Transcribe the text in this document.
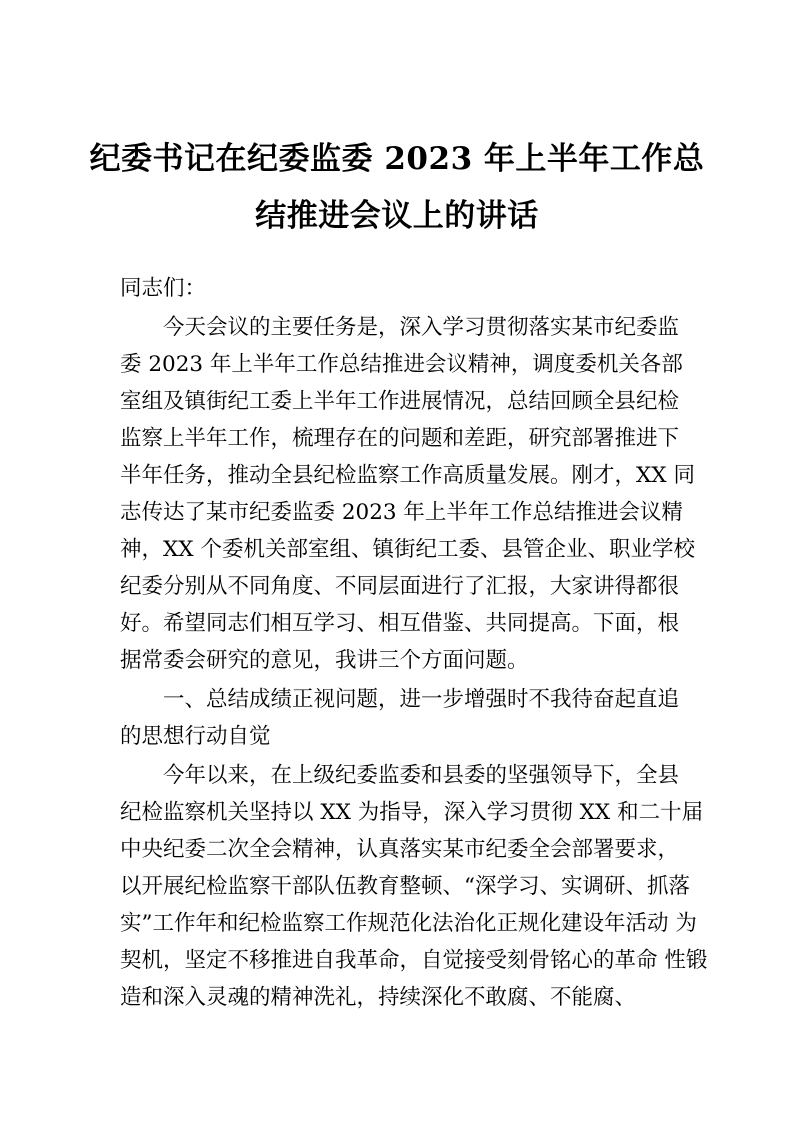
纪委书记在纪委监委 2023 年上半年工作总
结推进会议上的讲话
同志们：
今天会议的主要任务是，深入学习贯彻落实某市纪委监
委 2023 年上半年工作总结推进会议精神，调度委机关各部
室组及镇街纪工委上半年工作进展情况，总结回顾全县纪检
监察上半年工作，梳理存在的问题和差距，研究部署推进下
半年任务，推动全县纪检监察工作高质量发展。刚才，XX 同
志传达了某市纪委监委 2023 年上半年工作总结推进会议精
神，XX 个委机关部室组、镇街纪工委、县管企业、职业学校
纪委分别从不同角度、不同层面进行了汇报，大家讲得都很
好。希望同志们相互学习、相互借鉴、共同提高。下面，根
据常委会研究的意见，我讲三个方面问题。
一、总结成绩正视问题，进一步增强时不我待奋起直追
的思想行动自觉
今年以来，在上级纪委监委和县委的坚强领导下，全县
纪检监察机关坚持以 XX 为指导，深入学习贯彻 XX 和二十届
中央纪委二次全会精神，认真落实某市纪委全会部署要求，
以开展纪检监察干部队伍教育整顿、“深学习、实调研、抓落
实”工作年和纪检监察工作规范化法治化正规化建设年活动 为
契机，坚定不移推进自我革命，自觉接受刻骨铭心的革命 性锻
造和深入灵魂的精神洗礼，持续深化不敢腐、不能腐、
